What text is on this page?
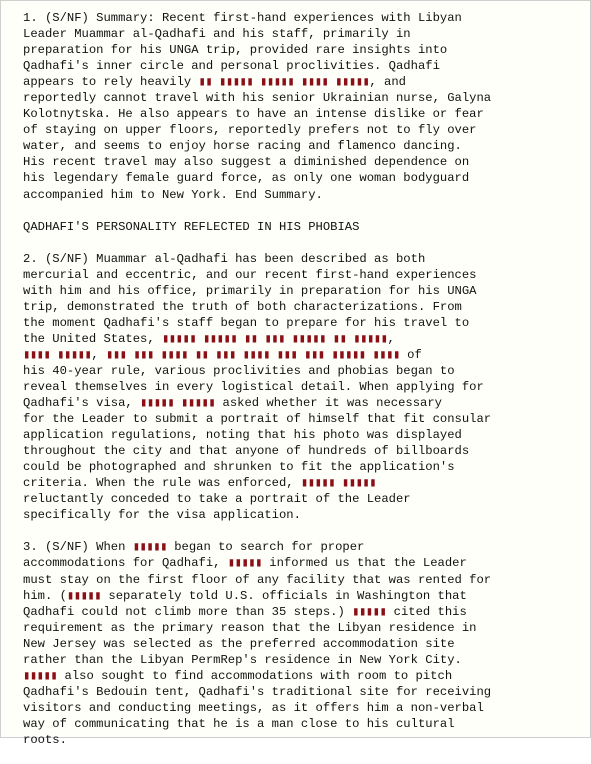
1. (S/NF) Summary: Recent first-hand experiences with Libyan
Leader Muammar al-Qadhafi and his staff, primarily in
preparation for his UNGA trip, provided rare insights into
Qadhafi's inner circle and personal proclivities. Qadhafi
appears to rely heavily ▮▮ ▮▮▮▮▮ ▮▮▮▮▮ ▮▮▮▮ ▮▮▮▮▮, and
reportedly cannot travel with his senior Ukrainian nurse, Galyna
Kolotnytska. He also appears to have an intense dislike or fear
of staying on upper floors, reportedly prefers not to fly over
water, and seems to enjoy horse racing and flamenco dancing.
His recent travel may also suggest a diminished dependence on
his legendary female guard force, as only one woman bodyguard
accompanied him to New York. End Summary.
QADHAFI'S PERSONALITY REFLECTED IN HIS PHOBIAS
2. (S/NF) Muammar al-Qadhafi has been described as both
mercurial and eccentric, and our recent first-hand experiences
with him and his office, primarily in preparation for his UNGA
trip, demonstrated the truth of both characterizations. From
the moment Qadhafi's staff began to prepare for his travel to
the United States, ▮▮▮▮▮ ▮▮▮▮▮ ▮▮ ▮▮▮ ▮▮▮▮▮ ▮▮ ▮▮▮▮▮,
▮▮▮▮ ▮▮▮▮▮, ▮▮▮ ▮▮▮ ▮▮▮▮ ▮▮ ▮▮▮ ▮▮▮▮ ▮▮▮ ▮▮▮ ▮▮▮▮▮ ▮▮▮▮ of
his 40-year rule, various proclivities and phobias began to
reveal themselves in every logistical detail. When applying for
Qadhafi's visa, ▮▮▮▮▮ ▮▮▮▮▮ asked whether it was necessary
for the Leader to submit a portrait of himself that fit consular
application regulations, noting that his photo was displayed
throughout the city and that anyone of hundreds of billboards
could be photographed and shrunken to fit the application's
criteria. When the rule was enforced, ▮▮▮▮▮ ▮▮▮▮▮
reluctantly conceded to take a portrait of the Leader
specifically for the visa application.
3. (S/NF) When ▮▮▮▮▮ began to search for proper
accommodations for Qadhafi, ▮▮▮▮▮ informed us that the Leader
must stay on the first floor of any facility that was rented for
him. (▮▮▮▮▮ separately told U.S. officials in Washington that
Qadhafi could not climb more than 35 steps.) ▮▮▮▮▮ cited this
requirement as the primary reason that the Libyan residence in
New Jersey was selected as the preferred accommodation site
rather than the Libyan PermRep's residence in New York City.
▮▮▮▮▮ also sought to find accommodations with room to pitch
Qadhafi's Bedouin tent, Qadhafi's traditional site for receiving
visitors and conducting meetings, as it offers him a non-verbal
way of communicating that he is a man close to his cultural
roots.
